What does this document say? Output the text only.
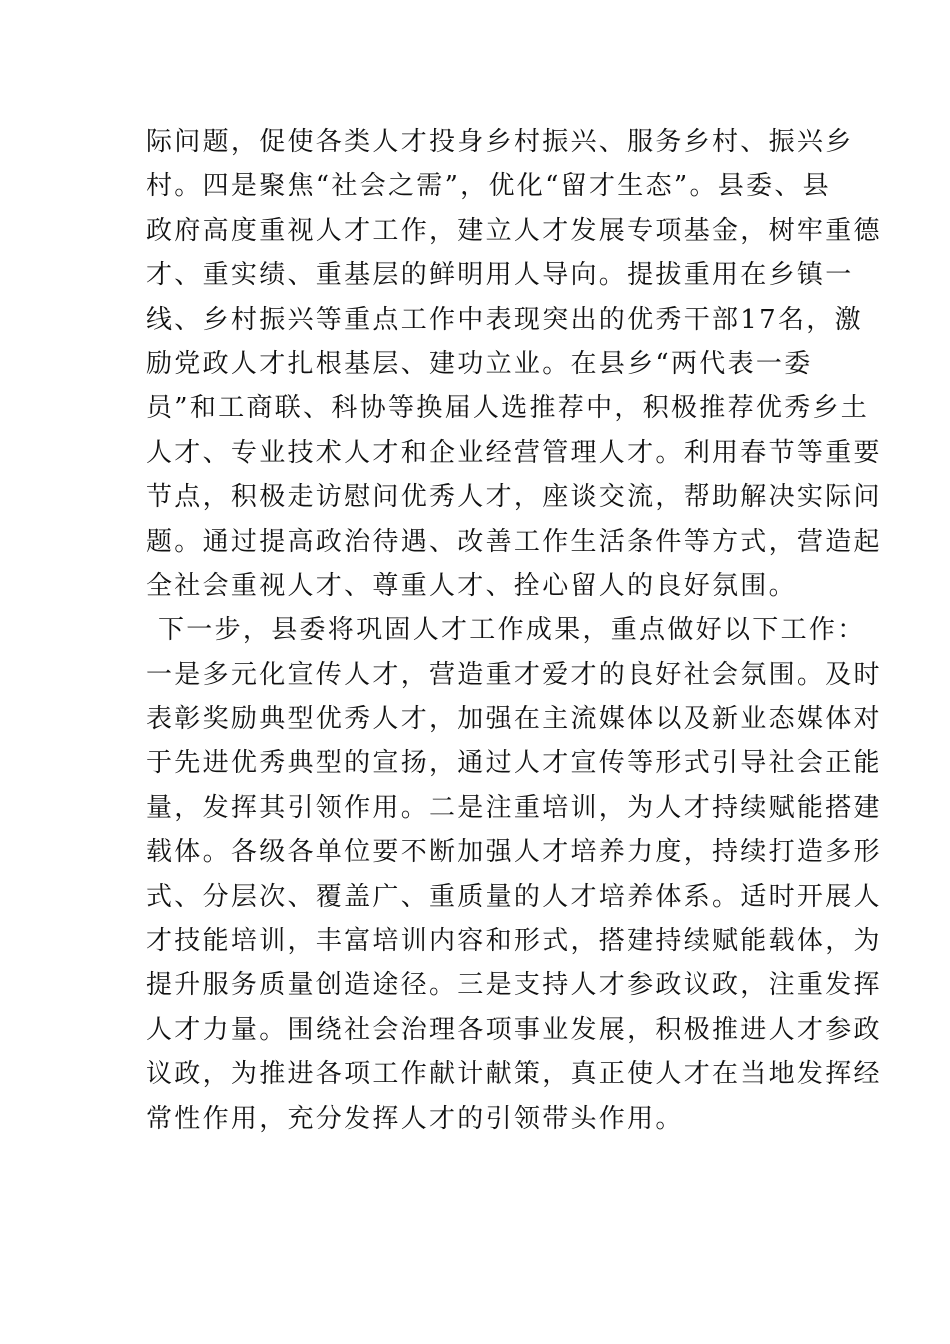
际问题，促使各类人才投身乡村振兴、服务乡村、振兴乡
村。四是聚焦“社会之需”，优化“留才生态”。县委、县
政府高度重视人才工作，建立人才发展专项基金，树牢重德
才、重实绩、重基层的鲜明用人导向。提拔重用在乡镇一
线、乡村振兴等重点工作中表现突出的优秀干部17名，激
励党政人才扎根基层、建功立业。在县乡“两代表一委
员”和工商联、科协等换届人选推荐中，积极推荐优秀乡土
人才、专业技术人才和企业经营管理人才。利用春节等重要
节点，积极走访慰问优秀人才，座谈交流，帮助解决实际问
题。通过提高政治待遇、改善工作生活条件等方式，营造起
全社会重视人才、尊重人才、拴心留人的良好氛围。
下一步，县委将巩固人才工作成果，重点做好以下工作：
一是多元化宣传人才，营造重才爱才的良好社会氛围。及时
表彰奖励典型优秀人才，加强在主流媒体以及新业态媒体对
于先进优秀典型的宣扬，通过人才宣传等形式引导社会正能
量，发挥其引领作用。二是注重培训，为人才持续赋能搭建
载体。各级各单位要不断加强人才培养力度，持续打造多形
式、分层次、覆盖广、重质量的人才培养体系。适时开展人
才技能培训，丰富培训内容和形式，搭建持续赋能载体，为
提升服务质量创造途径。三是支持人才参政议政，注重发挥
人才力量。围绕社会治理各项事业发展，积极推进人才参政
议政，为推进各项工作献计献策，真正使人才在当地发挥经
常性作用，充分发挥人才的引领带头作用。
